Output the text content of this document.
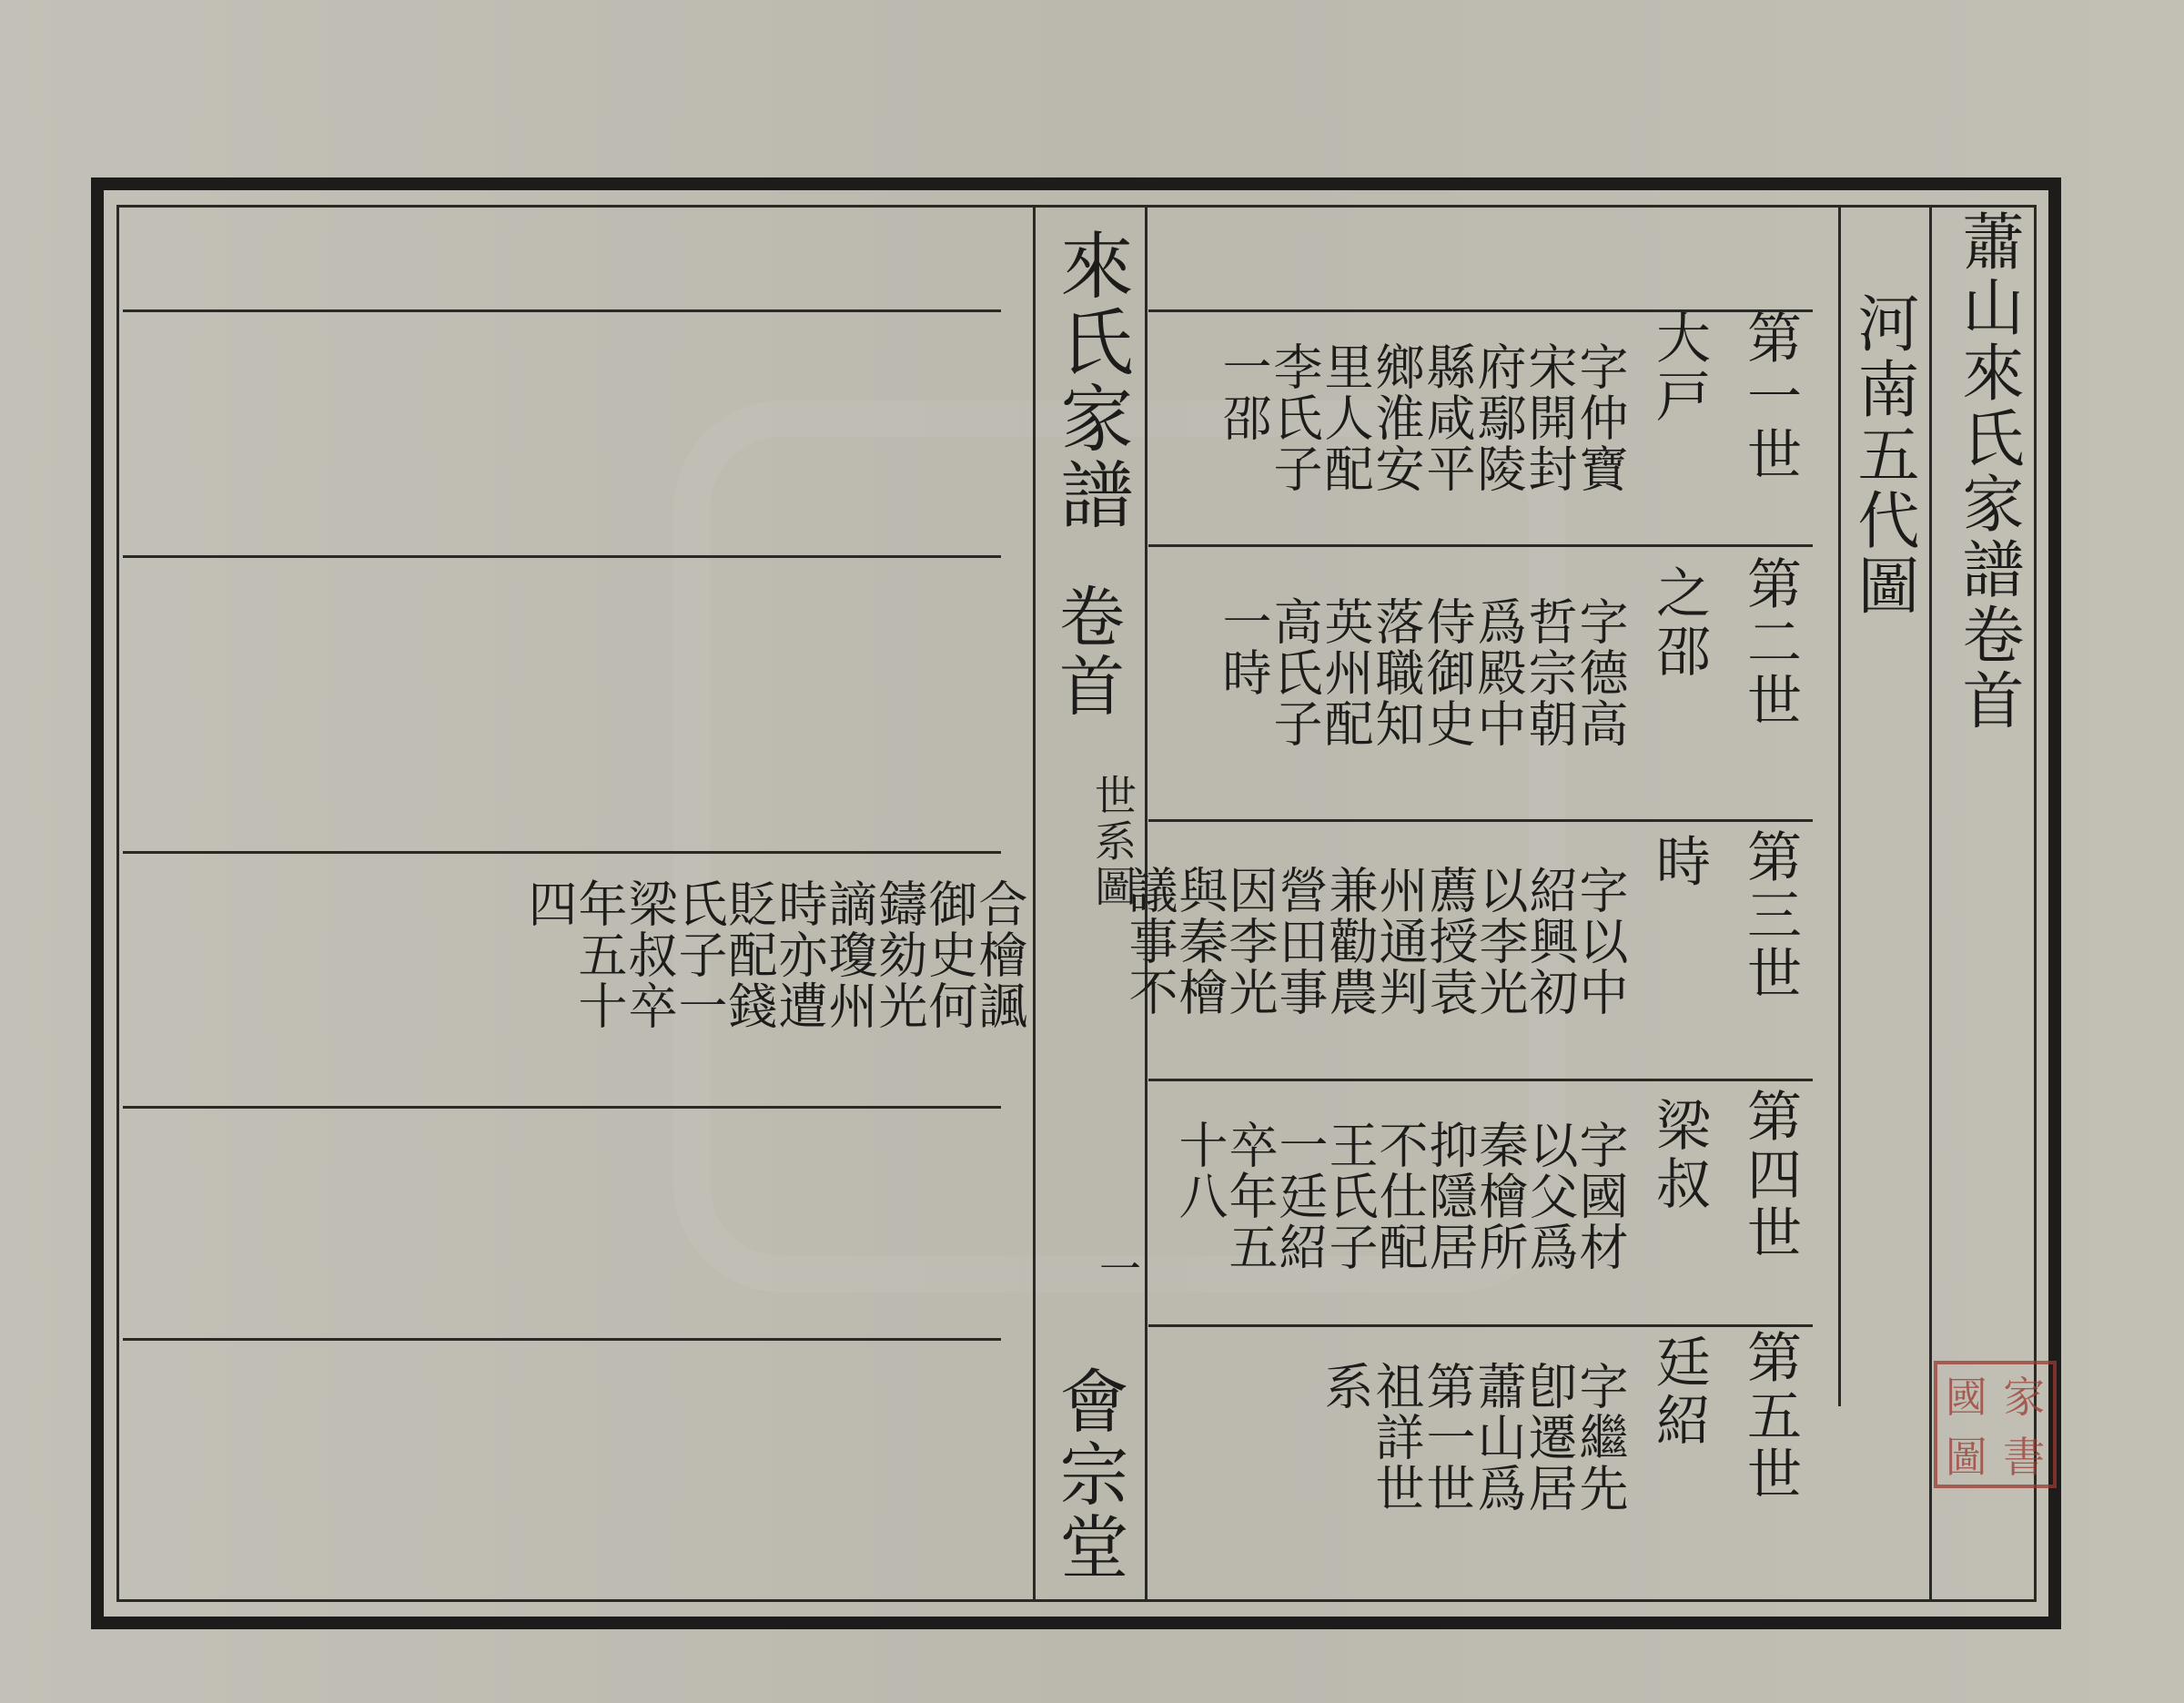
蕭山來氏家譜卷首
河南五代圖
來氏家譜
卷首
世系圖
一
會宗堂
第一世
大戸
字仲寶
宋開封
府鄢陵
縣咸平
鄉淮安
里人配
李氏子
一邵
第二世
之邵
字德高
哲宗朝
爲殿中
侍御史
落職知
英州配
高氏子
一時
第三世
時
字以中
紹興初
以李光
薦授袁
州通判
兼勸農
營田事
因李光
與秦檜
議事不
第四世
梁叔
字國材
以父爲
秦檜所
抑隱居
不仕配
王氏子
一廷紹
卒年五
十八
第五世
廷紹
字繼先
卽遷居
蕭山爲
第一世
祖詳世
系
合檜諷
御史何
鑄劾光
謫瓊州
時亦遭
貶配錢
氏子一
梁叔卒
年五十
四
國 家
圖 書
